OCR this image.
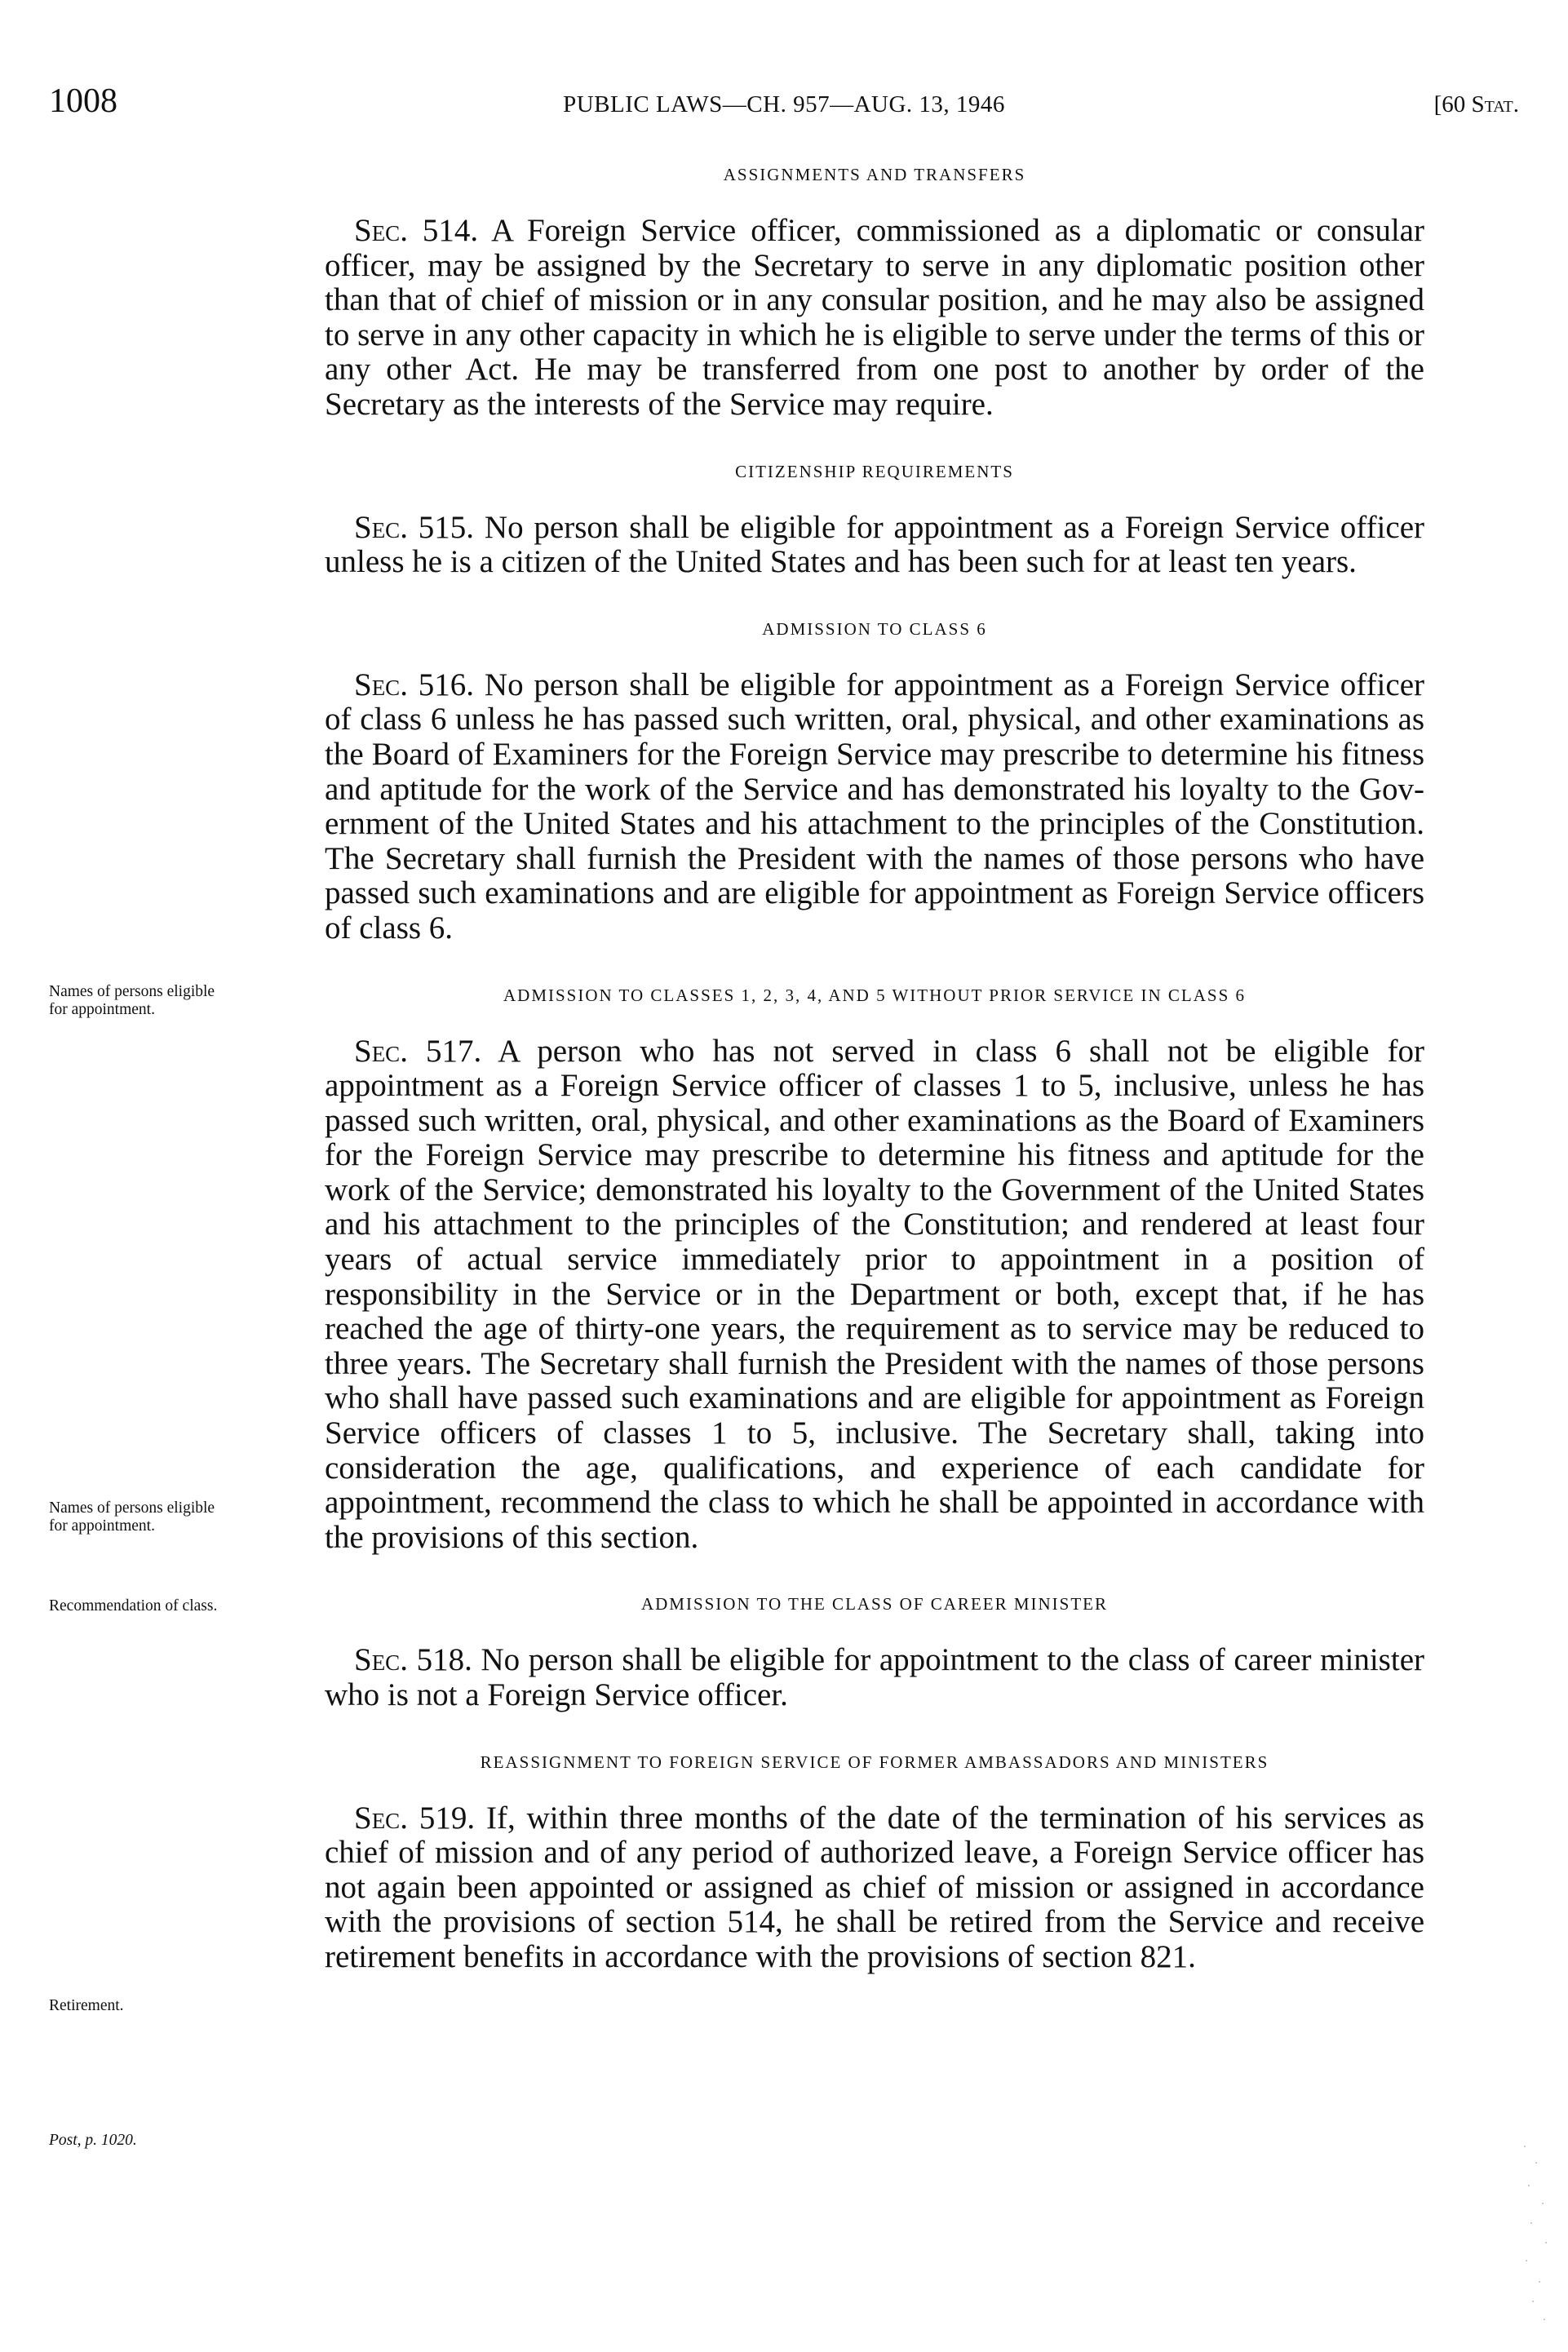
1008	PUBLIC LAWS—CH. 957—AUG. 13, 1946	[60 Stat.
Names of persons eligible for appointment.
Names of persons eligible for appointment.
Recommendation of class.
Retirement.
Post, p. 1020.
ASSIGNMENTS AND TRANSFERS

Sec. 514. A Foreign Service officer, commissioned as a diplomatic or consular officer, may be assigned by the Secretary to serve in any diplomatic position other than that of chief of mission or in any consular position, and he may also be assigned to serve in any other capacity in which he is eligible to serve under the terms of this or any other Act. He may be transferred from one post to another by order of the Secretary as the interests of the Service may require.

CITIZENSHIP REQUIREMENTS

Sec. 515. No person shall be eligible for appointment as a Foreign Service officer unless he is a citizen of the United States and has been such for at least ten years.

ADMISSION TO CLASS 6

Sec. 516. No person shall be eligible for appointment as a Foreign Service officer of class 6 unless he has passed such written, oral, physical, and other examinations as the Board of Examiners for the Foreign Service may prescribe to determine his fitness and aptitude for the work of the Service and has demonstrated his loyalty to the Government of the United States and his attachment to the principles of the Constitution. The Secretary shall furnish the President with the names of those persons who have passed such examinations and are eligible for appointment as Foreign Service officers of class 6.

ADMISSION TO CLASSES 1, 2, 3, 4, AND 5 WITHOUT PRIOR SERVICE IN CLASS 6

Sec. 517. A person who has not served in class 6 shall not be eligible for appointment as a Foreign Service officer of classes 1 to 5, inclusive, unless he has passed such written, oral, physical, and other examinations as the Board of Examiners for the Foreign Service may prescribe to determine his fitness and aptitude for the work of the Service; demonstrated his loyalty to the Government of the United States and his attachment to the principles of the Constitution; and rendered at least four years of actual service immediately prior to appointment in a position of responsibility in the Service or in the Department or both, except that, if he has reached the age of thirty-one years, the requirement as to service may be reduced to three years. The Secretary shall furnish the President with the names of those persons who shall have passed such examinations and are eligible for appointment as Foreign Service officers of classes 1 to 5, inclusive. The Secretary shall, taking into consideration the age, qualifications, and experience of each candidate for appointment, recommend the class to which he shall be appointed in accordance with the provisions of this section.

ADMISSION TO THE CLASS OF CAREER MINISTER

Sec. 518. No person shall be eligible for appointment to the class of career minister who is not a Foreign Service officer.

REASSIGNMENT TO FOREIGN SERVICE OF FORMER AMBASSADORS AND MINISTERS

Sec. 519. If, within three months of the date of the termination of his services as chief of mission and of any period of authorized leave, a Foreign Service officer has not again been appointed or assigned as chief of mission or assigned in accordance with the provisions of section 514, he shall be retired from the Service and receive retirement benefits in accordance with the provisions of section 821.
